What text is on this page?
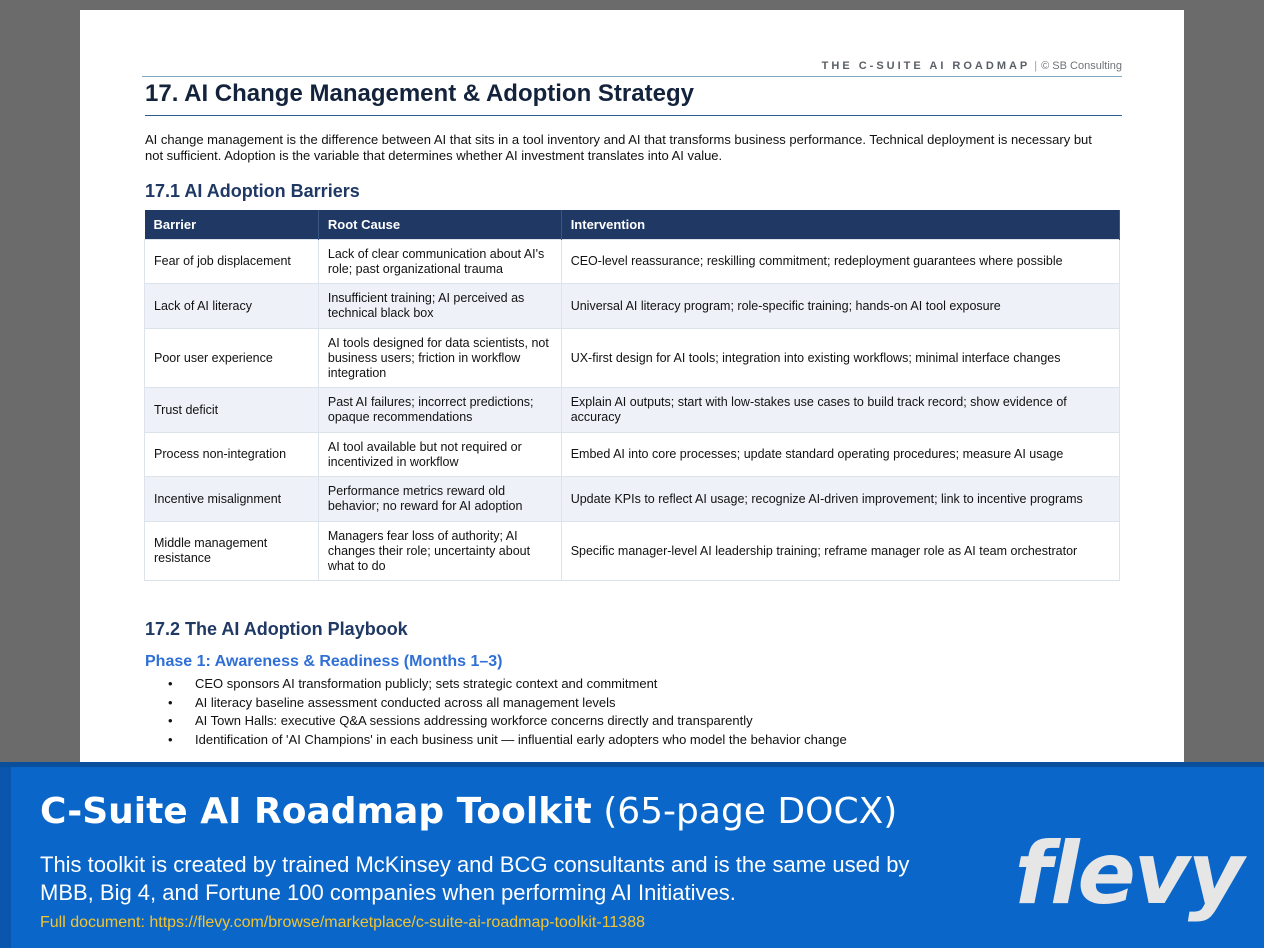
THE C-SUITE AI ROADMAP | © SB Consulting
17. AI Change Management & Adoption Strategy
AI change management is the difference between AI that sits in a tool inventory and AI that transforms business performance. Technical deployment is necessary but not sufficient. Adoption is the variable that determines whether AI investment translates into AI value.
17.1 AI Adoption Barriers
Barrier	Root Cause	Intervention
Fear of job displacement	Lack of clear communication about AI's role; past organizational trauma	CEO-level reassurance; reskilling commitment; redeployment guarantees where possible
Lack of AI literacy	Insufficient training; AI perceived as technical black box	Universal AI literacy program; role-specific training; hands-on AI tool exposure
Poor user experience	AI tools designed for data scientists, not business users; friction in workflow integration	UX-first design for AI tools; integration into existing workflows; minimal interface changes
Trust deficit	Past AI failures; incorrect predictions; opaque recommendations	Explain AI outputs; start with low-stakes use cases to build track record; show evidence of accuracy
Process non-integration	AI tool available but not required or incentivized in workflow	Embed AI into core processes; update standard operating procedures; measure AI usage
Incentive misalignment	Performance metrics reward old behavior; no reward for AI adoption	Update KPIs to reflect AI usage; recognize AI-driven improvement; link to incentive programs
Middle management resistance	Managers fear loss of authority; AI changes their role; uncertainty about what to do	Specific manager-level AI leadership training; reframe manager role as AI team orchestrator
17.2 The AI Adoption Playbook
Phase 1: Awareness & Readiness (Months 1–3)
• CEO sponsors AI transformation publicly; sets strategic context and commitment
• AI literacy baseline assessment conducted across all management levels
• AI Town Halls: executive Q&A sessions addressing workforce concerns directly and transparently
• Identification of 'AI Champions' in each business unit — influential early adopters who model the behavior change
C-Suite AI Roadmap Toolkit (65-page DOCX)
This toolkit is created by trained McKinsey and BCG consultants and is the same used by MBB, Big 4, and Fortune 100 companies when performing AI Initiatives.
Full document: https://flevy.com/browse/marketplace/c-suite-ai-roadmap-toolkit-11388	flevy
